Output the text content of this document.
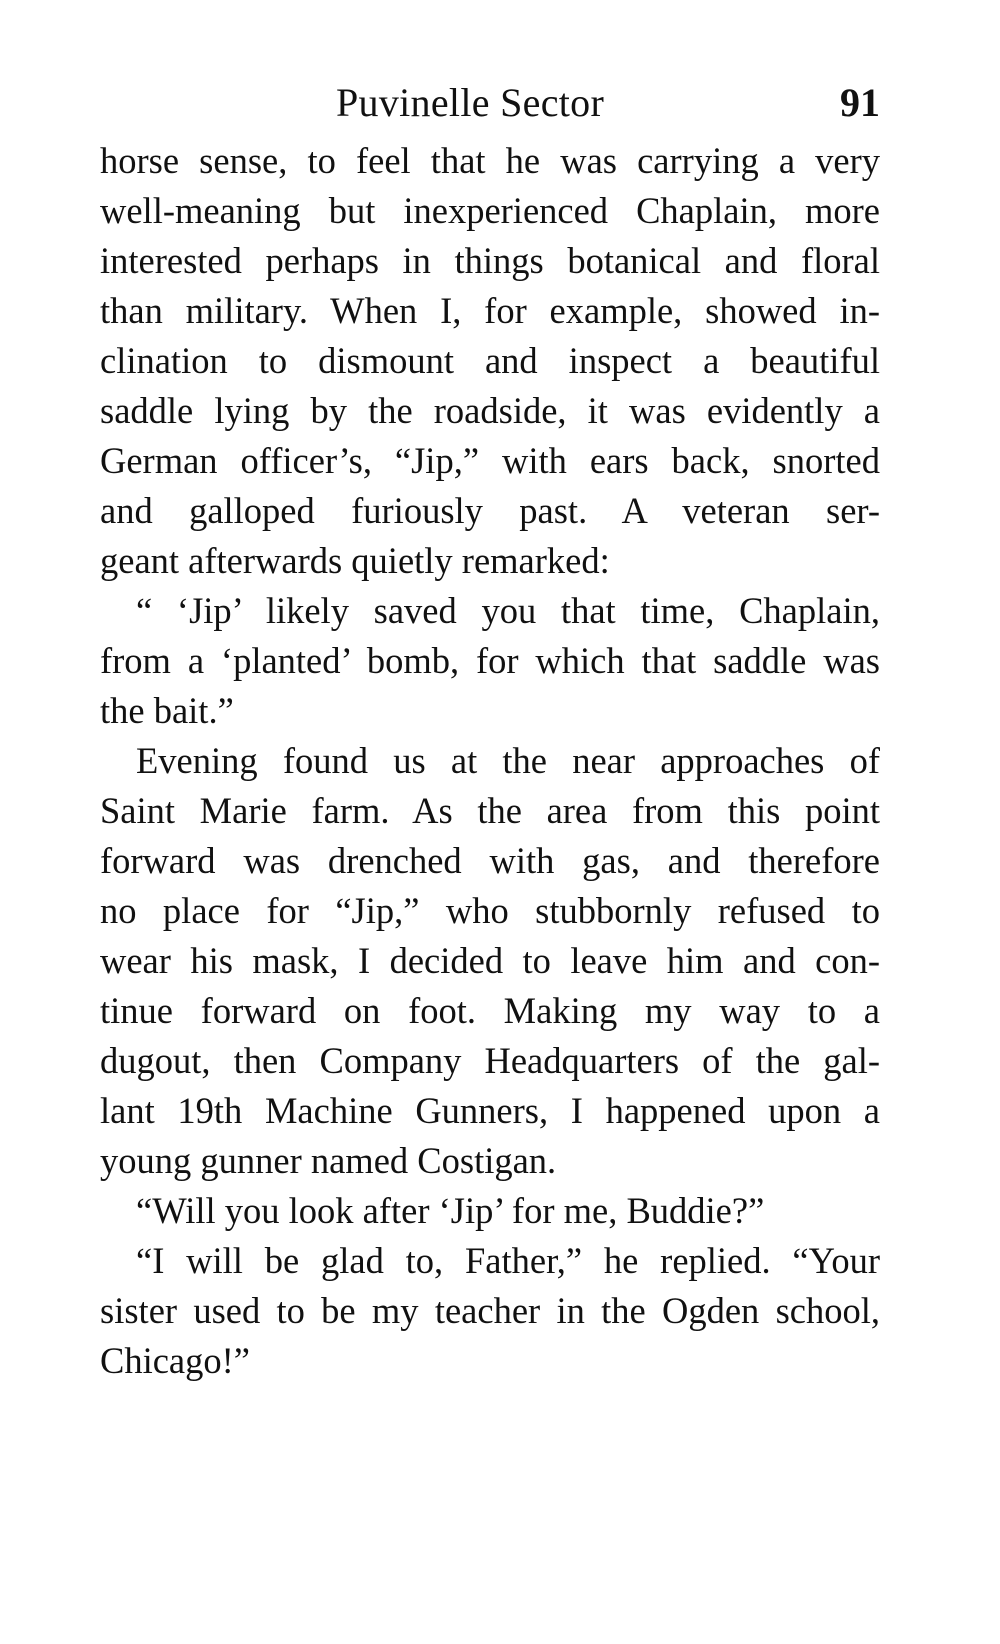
Puvinelle Sector	91
horse sense, to feel that he was carrying a very
well-meaning but inexperienced Chaplain, more
interested perhaps in things botanical and floral
than military. When I, for example, showed in-
clination to dismount and inspect a beautiful
saddle lying by the roadside, it was evidently a
German officer’s, “Jip,” with ears back, snorted
and galloped furiously past. A veteran ser-
geant afterwards quietly remarked:
“ ‘Jip’ likely saved you that time, Chaplain,
from a ‘planted’ bomb, for which that saddle was
the bait.”
Evening found us at the near approaches of
Saint Marie farm. As the area from this point
forward was drenched with gas, and therefore
no place for “Jip,” who stubbornly refused to
wear his mask, I decided to leave him and con-
tinue forward on foot. Making my way to a
dugout, then Company Headquarters of the gal-
lant 19th Machine Gunners, I happened upon a
young gunner named Costigan.
“Will you look after ‘Jip’ for me, Buddie?”
“I will be glad to, Father,” he replied. “Your
sister used to be my teacher in the Ogden school,
Chicago!”
